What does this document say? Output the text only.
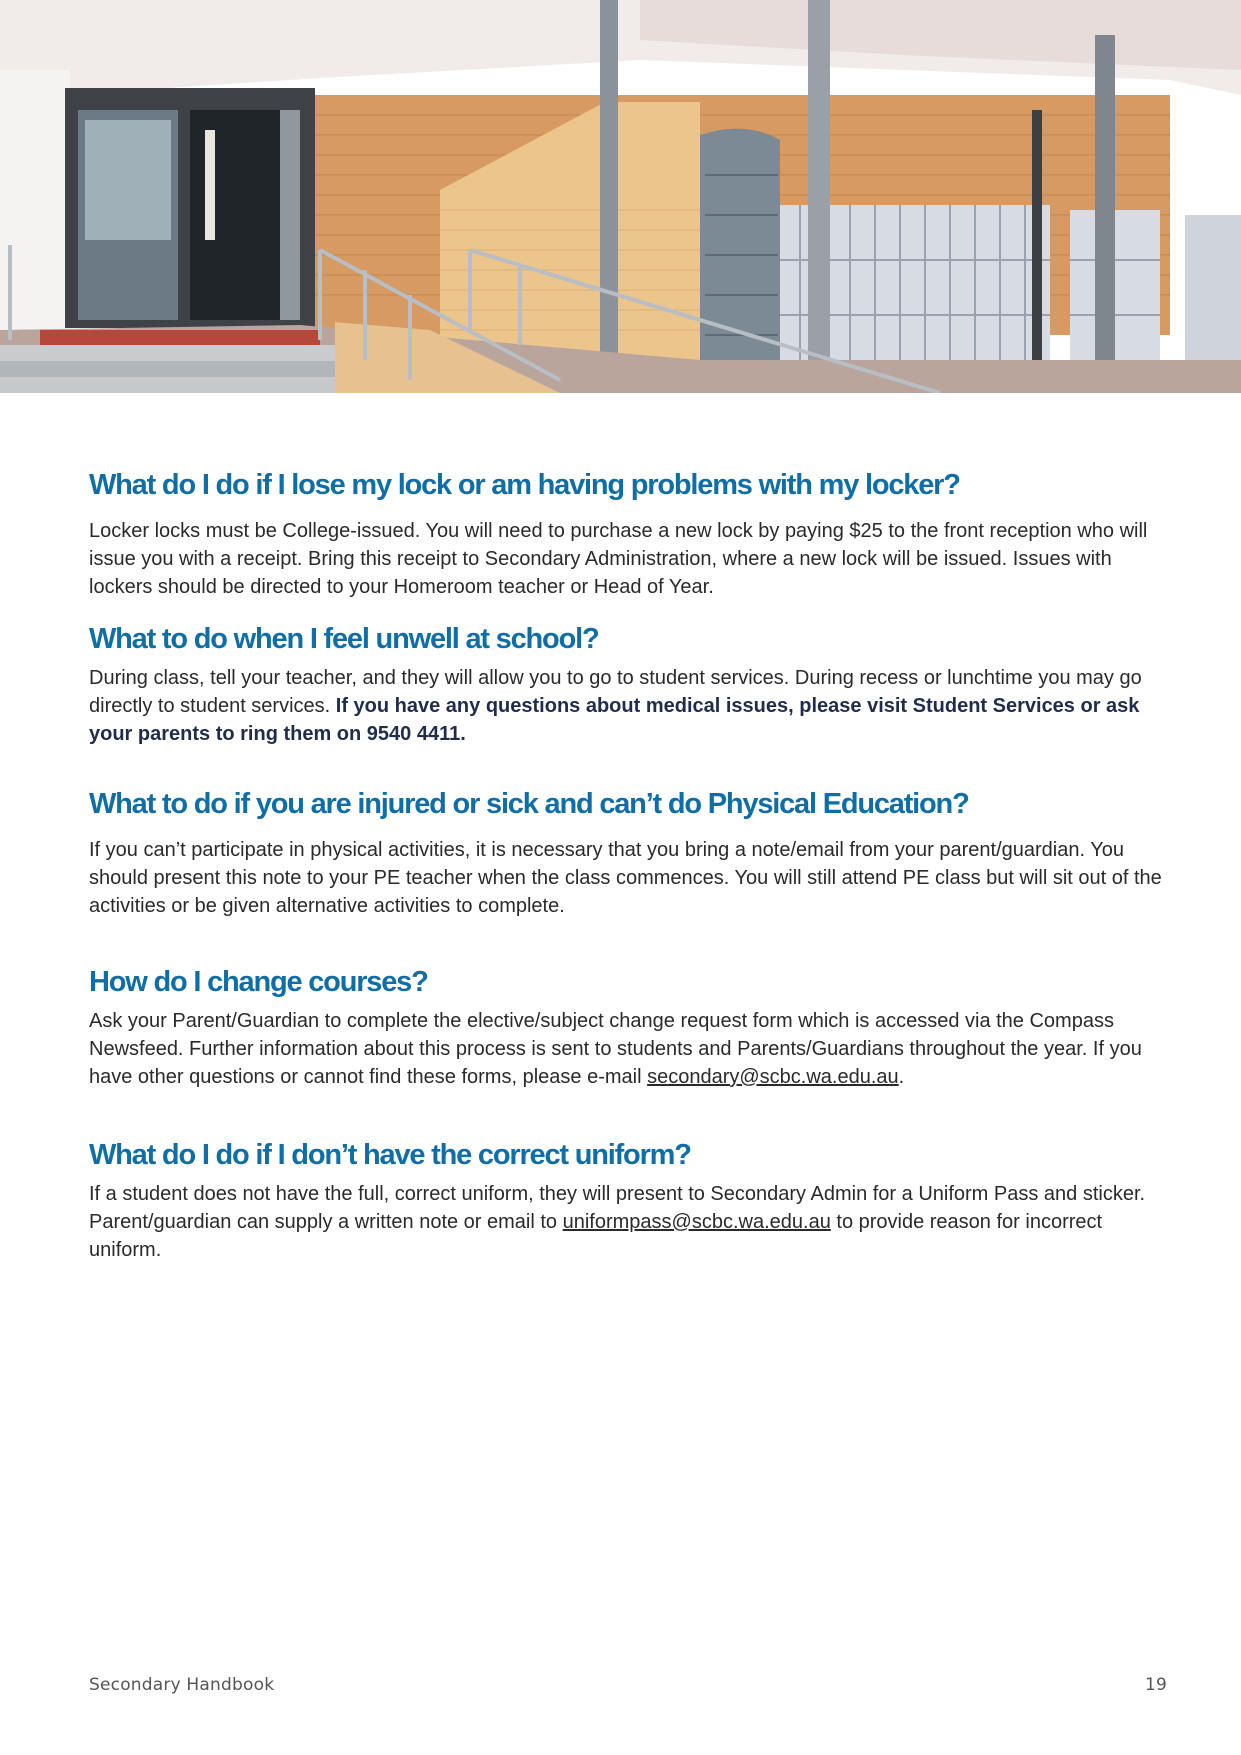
What do I do if I lose my lock or am having problems with my locker?

Locker locks must be College-issued. You will need to purchase a new lock by paying $25 to the front reception who will issue you with a receipt. Bring this receipt to Secondary Administration, where a new lock will be issued. Issues with lockers should be directed to your Homeroom teacher or Head of Year.

What to do when I feel unwell at school?

During class, tell your teacher, and they will allow you to go to student services. During recess or lunchtime you may go directly to student services. If you have any questions about medical issues, please visit Student Services or ask your parents to ring them on 9540 4411.

What to do if you are injured or sick and can’t do Physical Education?

If you can’t participate in physical activities, it is necessary that you bring a note/email from your parent/guardian. You should present this note to your PE teacher when the class commences. You will still attend PE class but will sit out of the activities or be given alternative activities to complete.

How do I change courses?

Ask your Parent/Guardian to complete the elective/subject change request form which is accessed via the Compass Newsfeed. Further information about this process is sent to students and Parents/Guardians throughout the year. If you have other questions or cannot find these forms, please e-mail secondary@scbc.wa.edu.au.

What do I do if I don’t have the correct uniform?

If a student does not have the full, correct uniform, they will present to Secondary Admin for a Uniform Pass and sticker. Parent/guardian can supply a written note or email to uniformpass@scbc.wa.edu.au to provide reason for incorrect uniform.

Secondary Handbook	19
